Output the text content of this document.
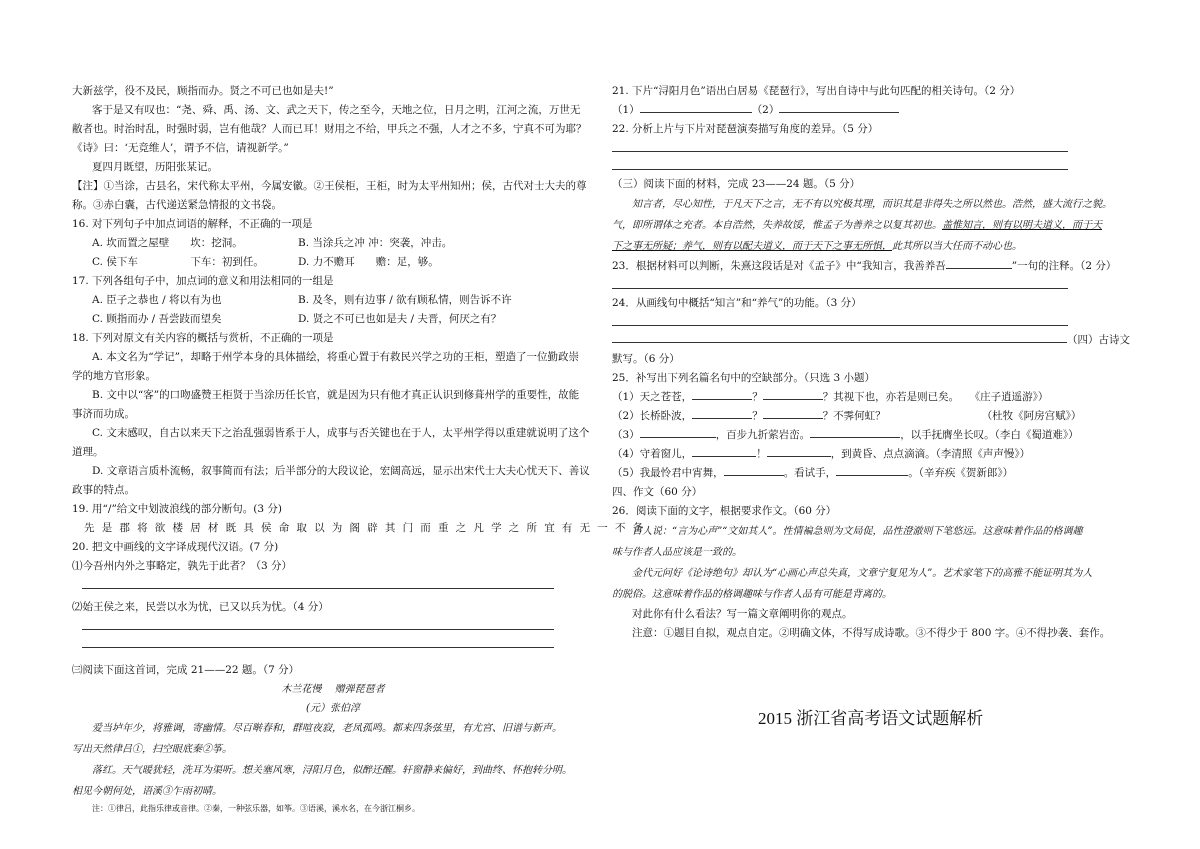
大新兹学，役不及民，顾指而办。贤之不可已也如是夫!”

客于是又有叹也：“尧、舜、禹、汤、文、武之天下，传之至今，天地之位，日月之明，江河之流，万世无

敝者也。时治时乱，时强时弱，岂有他哉？人而已耳！财用之不给，甲兵之不强，人才之不多，宁真不可为耶？

《诗》曰：‘无竞维人’，谓予不信，请视新学。”

夏四月既望，历阳张某记。

【注】①当涂，古县名，宋代称太平州，今属安徽。②王侯柜，王柜，时为太平州知州；侯，古代对士大夫的尊

称。③赤白囊，古代递送紧急情报的文书袋。

16. 对下列句子中加点词语的解释，不正确的一项是

A. 坎而置之屋壁　　坎：挖洞。	B. 当涂兵之冲 冲：突袭，冲击。
C. 侯下车　　　　　下车：初到任。	D. 力不赡耳　　赡：足，够。

17. 下列各组句子中，加点词的意义和用法相同的一组是

A. 臣子之恭也 / 将以有为也	B. 及冬，则有边事 / 欲有顾私情，则告诉不许
C. 顾指而办 / 吾尝跂而望矣	D. 贤之不可已也如是夫 / 夫晋，何厌之有？

18. 下列对原文有关内容的概括与赏析，不正确的一项是

A. 本文名为“学记”，却略于州学本身的具体描绘，将重心置于有救民兴学之功的王柜，塑造了一位勤政崇

学的地方官形象。

B. 文中以“客”的口吻盛赞王柜贤于当涂历任长官，就是因为只有他才真正认识到修葺州学的重要性，故能

事济而功成。

C. 文末感叹，自古以来天下之治乱强弱皆系于人，成事与否关键也在于人，太平州学得以重建就说明了这个

道理。

D. 文章语言质朴流畅，叙事简而有法；后半部分的大段议论，宏阔高远，显示出宋代士大夫心忧天下、善议

政事的特点。

19. 用“/”给文中划波浪线的部分断句。(3 分)

先是郡将欲楼居材既具侯命取以为阁辟其门而重之凡学之所宜有无一不备

20. 把文中画线的文字译成现代汉语。(7 分)

⑴今吾州内外之事略定，孰先于此者？（3 分）

⑵始王侯之来，民尝以水为忧，已又以兵为忧。（4 分）

㈢阅读下面这首词，完成 21——22 题。（7 分）

木兰花慢　 赠弹琵琶者

(元）张伯淳

爱当垆年少，将雅调，寄幽情。尽百啭春和，群喧夜寂，老凤孤鸣。都来四条弦里，有尤宫、旧谱与新声。

写出天然律吕①，扫空眼底秦②筝。

落红。天气暖犹轻，洗耳为渠听。想关塞风寒，浔阳月色，似醉还醒。轩窗静来偏好，到曲终、怀抱转分明。

相见今朝何处，语溪③乍雨初晴。

注：①律吕，此指乐律或音律。②秦，一种弦乐器，如筝。③语溪，溪水名，在今浙江桐乡。

21. 下片“浔阳月色”语出白居易《琵琶行》，写出自诗中与此句匹配的相关诗句。（2 分）

（1）	（2）

22. 分析上片与下片对琵琶演奏描写角度的差异。（5 分）

（三）阅读下面的材料，完成 23——24 题。（5 分）

知言者，尽心知性，于凡天下之言，无不有以究极其理，而识其是非得失之所以然也。浩然，盛大流行之貌。

气，即所谓体之充者。本自浩然，失养故馁，惟孟子为善养之以复其初也。盖惟知言，则有以明夫道义，而于天

下之事无所疑；养气，则有以配夫道义，而于天下之事无所惧，此其所以当大任而不动心也。

23．根据材料可以判断，朱熹这段话是对《孟子》中“我知言，我善养吾	”一句的注释。（2 分）

24．从画线句中概括“知言”和“养气”的功能。（3 分）

（四）古诗文

默写。（6 分）

25．补写出下列名篇名句中的空缺部分。（只选 3 小题）

（1）天之苍苍，	？	？其视下也，亦若是则已矣。　　《庄子逍遥游》）

（2）长桥卧波，	？	？不霁何虹？	（杜牧《阿房宫赋》）

（3）	，百步九折萦岩峦。	，以手抚膺坐长叹。（李白《蜀道难》）

（4）守着窗儿，	！	，到黄昏、点点滴滴。（李清照《声声慢》）

（5）我最怜君中宵舞，	。看试手，	。（辛弃疾《贺新郎》）

四、作文（60 分）

26．阅读下面的文字，根据要求作文。（60 分）

古人说：“言为心声”“文如其人”。性情褊急则为文局促，品性澄澈则下笔悠远。这意味着作品的格调趣

味与作者人品应该是一致的。

金代元问好《论诗绝句》却认为“心画心声总失真，文章宁复见为人”。艺术家笔下的高雅不能证明其为人

的脱俗。这意味着作品的格调趣味与作者人品有可能是背离的。

对此你有什么看法？写一篇文章阐明你的观点。

注意：①题目自拟，观点自定。②明确文体，不得写成诗歌。③不得少于 800 字。④不得抄袭、套作。

2015 浙江省高考语文试题解析
